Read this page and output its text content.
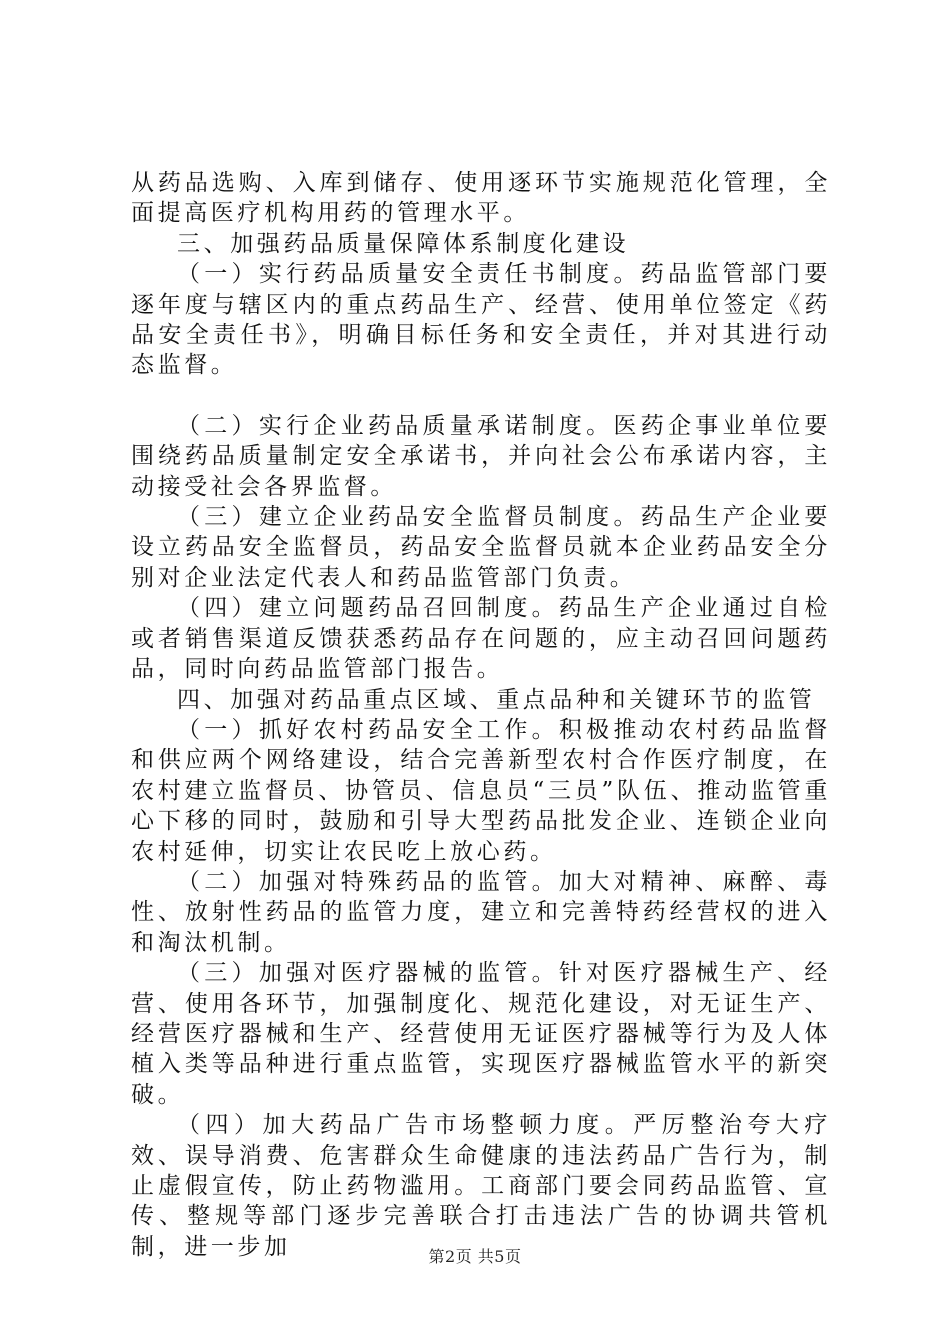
从药品选购、入库到储存、使用逐环节实施规范化管理，全面提高医疗机构用药的管理水平。

三、加强药品质量保障体系制度化建设

（一）实行药品质量安全责任书制度。药品监管部门要逐年度与辖区内的重点药品生产、经营、使用单位签定《药品安全责任书》，明确目标任务和安全责任，并对其进行动态监督。

（二）实行企业药品质量承诺制度。医药企事业单位要围绕药品质量制定安全承诺书，并向社会公布承诺内容，主动接受社会各界监督。

（三）建立企业药品安全监督员制度。药品生产企业要设立药品安全监督员，药品安全监督员就本企业药品安全分别对企业法定代表人和药品监管部门负责。

（四）建立问题药品召回制度。药品生产企业通过自检或者销售渠道反馈获悉药品存在问题的，应主动召回问题药品，同时向药品监管部门报告。

四、加强对药品重点区域、重点品种和关键环节的监管

（一）抓好农村药品安全工作。积极推动农村药品监督和供应两个网络建设，结合完善新型农村合作医疗制度，在农村建立监督员、协管员、信息员“三员”队伍、推动监管重心下移的同时，鼓励和引导大型药品批发企业、连锁企业向农村延伸，切实让农民吃上放心药。

（二）加强对特殊药品的监管。加大对精神、麻醉、毒性、放射性药品的监管力度，建立和完善特药经营权的进入和淘汰机制。

（三）加强对医疗器械的监管。针对医疗器械生产、经营、使用各环节，加强制度化、规范化建设，对无证生产、经营医疗器械和生产、经营使用无证医疗器械等行为及人体植入类等品种进行重点监管，实现医疗器械监管水平的新突破。

（四）加大药品广告市场整顿力度。严厉整治夸大疗效、误导消费、危害群众生命健康的违法药品广告行为，制止虚假宣传，防止药物滥用。工商部门要会同药品监管、宣传、整规等部门逐步完善联合打击违法广告的协调共管机制，进一步加	第2页 共5页
